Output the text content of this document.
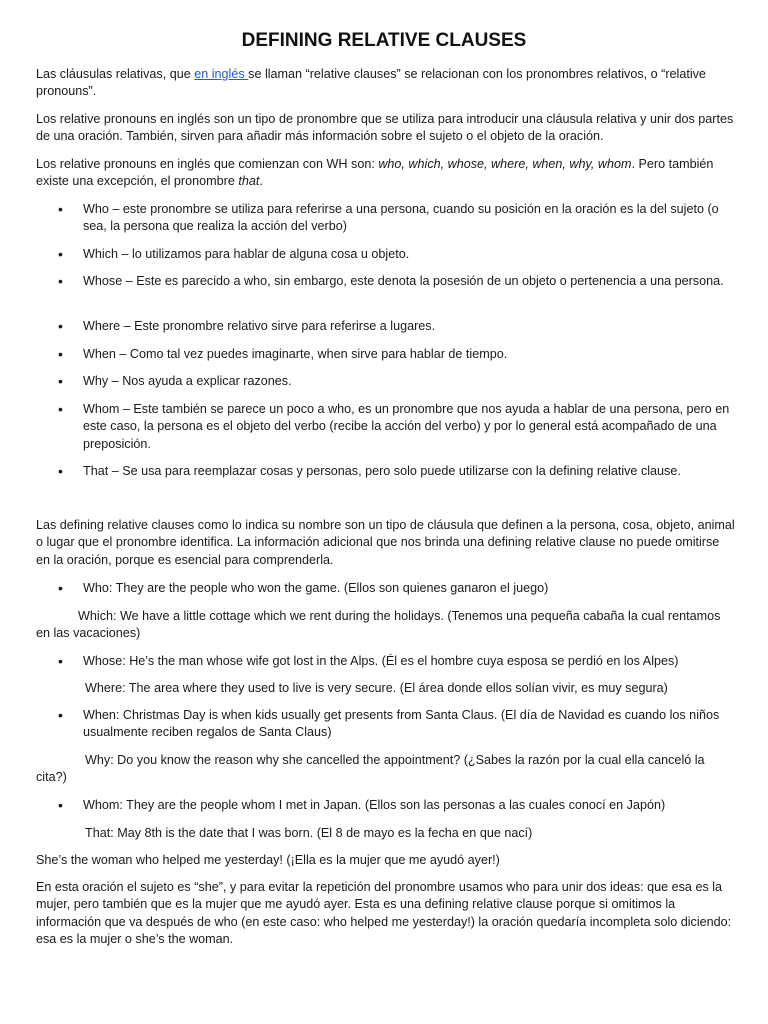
DEFINING RELATIVE CLAUSES

Las cláusulas relativas, que en inglés se llaman “relative clauses” se relacionan con los pronombres relativos, o “relative pronouns”.

Los relative pronouns en inglés son un tipo de pronombre que se utiliza para introducir una cláusula relativa y unir dos partes de una oración. También, sirven para añadir más información sobre el sujeto o el objeto de la oración.

Los relative pronouns en inglés que comienzan con WH son: who, which, whose, where, when, why, whom. Pero también existe una excepción, el pronombre that.

• Who – este pronombre se utiliza para referirse a una persona, cuando su posición en la oración es la del sujeto (o sea, la persona que realiza la acción del verbo)
• Which – lo utilizamos para hablar de alguna cosa u objeto.
• Whose – Este es parecido a who, sin embargo, este denota la posesión de un objeto o pertenencia a una persona.
• Where – Este pronombre relativo sirve para referirse a lugares.
• When – Como tal vez puedes imaginarte, when sirve para hablar de tiempo.
• Why – Nos ayuda a explicar razones.
• Whom – Este también se parece un poco a who, es un pronombre que nos ayuda a hablar de una persona, pero en este caso, la persona es el objeto del verbo (recibe la acción del verbo) y por lo general está acompañado de una preposición.
• That – Se usa para reemplazar cosas y personas, pero solo puede utilizarse con la defining relative clause.

Las defining relative clauses como lo indica su nombre son un tipo de cláusula que definen a la persona, cosa, objeto, animal o lugar que el pronombre identifica. La información adicional que nos brinda una defining relative clause no puede omitirse en la oración, porque es esencial para comprenderla.

• Who: They are the people who won the game. (Ellos son quienes ganaron el juego)

Which: We have a little cottage which we rent during the holidays. (Tenemos una pequeña cabaña la cual rentamos en las vacaciones)

• Whose: He’s the man whose wife got lost in the Alps. (Él es el hombre cuya esposa se perdió en los Alpes)
Where: The area where they used to live is very secure. (El área donde ellos solían vivir, es muy segura)
• When: Christmas Day is when kids usually get presents from Santa Claus. (El día de Navidad es cuando los niños usualmente reciben regalos de Santa Claus)

Why: Do you know the reason why she cancelled the appointment? (¿Sabes la razón por la cual ella canceló la cita?)

• Whom: They are the people whom I met in Japan. (Ellos son las personas a las cuales conocí en Japón)
That: May 8th is the date that I was born. (El 8 de mayo es la fecha en que nací)

She’s the woman who helped me yesterday! (¡Ella es la mujer que me ayudó ayer!)

En esta oración el sujeto es “she”, y para evitar la repetición del pronombre usamos who para unir dos ideas: que esa es la mujer, pero también que es la mujer que me ayudó ayer. Esta es una defining relative clause porque si omitimos la información que va después de who (en este caso: who helped me yesterday!) la oración quedaría incompleta solo diciendo: esa es la mujer o she’s the woman.
